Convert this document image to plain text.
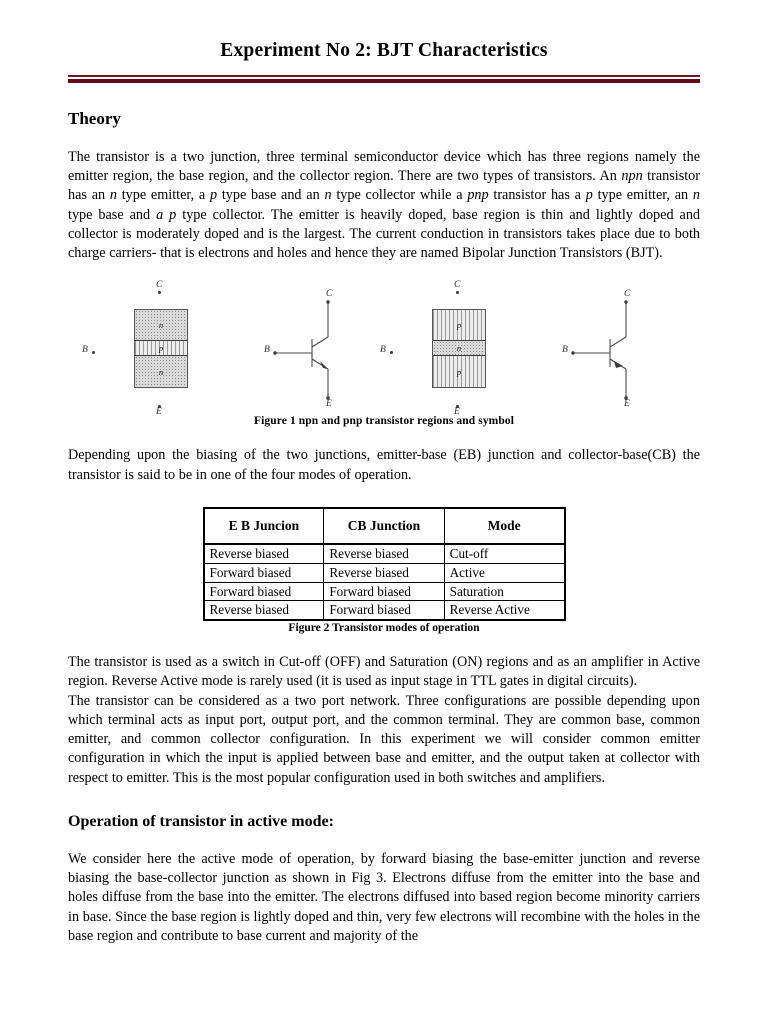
Experiment No 2: BJT Characteristics
Theory

The transistor is a two junction, three terminal semiconductor device which has three regions namely the emitter region, the base region, and the collector region. There are two types of transistors. An npn transistor has an n type emitter, a p type base and an n type collector while a pnp transistor has a p type emitter, an n type base and a p type collector. The emitter is heavily doped, base region is thin and lightly doped and collector is moderately doped and is the largest. The current conduction in transistors takes place due to both charge carriers- that is electrons and holes and hence they are named Bipolar Junction Transistors (BJT).

C
B
n
p
n
E
C
B
E
C
B
p
n
p
E
C
B
E
Figure 1 npn and pnp transistor regions and symbol

Depending upon the biasing of the two junctions, emitter-base (EB) junction and collector-base(CB) the transistor is said to be in one of the four modes of operation.

E B Juncion	CB Junction	Mode
Reverse biased	Reverse biased	Cut-off
Forward biased	Reverse biased	Active
Forward biased	Forward biased	Saturation
Reverse biased	Forward biased	Reverse Active
Figure 2 Transistor modes of operation

The transistor is used as a switch in Cut-off (OFF) and Saturation (ON) regions and as an amplifier in Active region. Reverse Active mode is rarely used (it is used as input stage in TTL gates in digital circuits).

The transistor can be considered as a two port network. Three configurations are possible depending upon which terminal acts as input port, output port, and the common terminal. They are common base, common emitter, and common collector configuration. In this experiment we will consider common emitter configuration in which the input is applied between base and emitter, and the output taken at collector with respect to emitter. This is the most popular configuration used in both switches and amplifiers.

Operation of transistor in active mode:

We consider here the active mode of operation, by forward biasing the base-emitter junction and reverse biasing the base-collector junction as shown in Fig 3. Electrons diffuse from the emitter into the base and holes diffuse from the base into the emitter. The electrons diffused into based region become minority carriers in base. Since the base region is lightly doped and thin, very few electrons will recombine with the holes in the base region and contribute to base current and majority of the
